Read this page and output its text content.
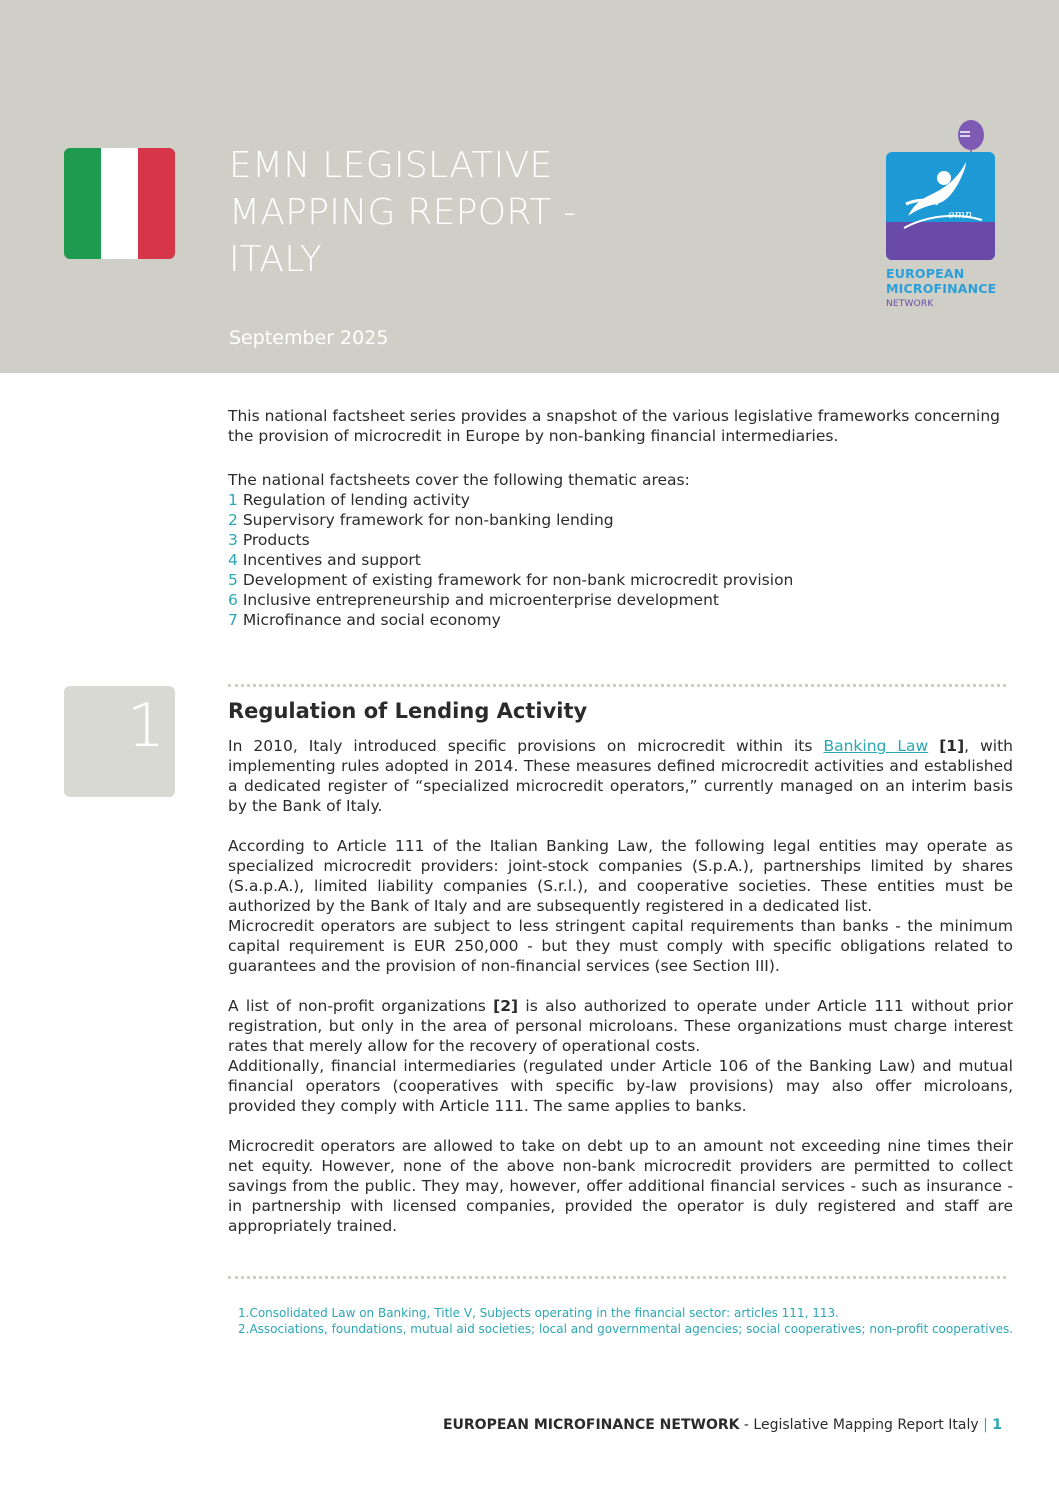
EMN LEGISLATIVE
MAPPING REPORT -
ITALY
September 2025
emn
EUROPEAN
MICROFINANCE
NETWORK

This national factsheet series provides a snapshot of the various legislative frameworks concerning the provision of microcredit in Europe by non-banking financial intermediaries.

The national factsheets cover the following thematic areas:

1 Regulation of lending activity
2 Supervisory framework for non-banking lending
3 Products
4 Incentives and support
5 Development of existing framework for non-bank microcredit provision
6 Inclusive entrepreneurship and microenterprise development
7 Microfinance and social economy
1	Regulation of Lending Activity

In 2010, Italy introduced specific provisions on microcredit within its Banking Law [1], with implementing rules adopted in 2014. These measures defined microcredit activities and established a dedicated register of “specialized microcredit operators,” currently managed on an interim basis by the Bank of Italy.

According to Article 111 of the Italian Banking Law, the following legal entities may operate as specialized microcredit providers: joint-stock companies (S.p.A.), partnerships limited by shares (S.a.p.A.), limited liability companies (S.r.l.), and cooperative societies. These entities must be authorized by the Bank of Italy and are subsequently registered in a dedicated list.

Microcredit operators are subject to less stringent capital requirements than banks - the minimum capital requirement is EUR 250,000 - but they must comply with specific obligations related to guarantees and the provision of non-financial services (see Section III).

A list of non-profit organizations [2] is also authorized to operate under Article 111 without prior registration, but only in the area of personal microloans. These organizations must charge interest rates that merely allow for the recovery of operational costs.

Additionally, financial intermediaries (regulated under Article 106 of the Banking Law) and mutual financial operators (cooperatives with specific by-law provisions) may also offer microloans, provided they comply with Article 111. The same applies to banks.

Microcredit operators are allowed to take on debt up to an amount not exceeding nine times their net equity. However, none of the above non-bank microcredit providers are permitted to collect savings from the public. They may, however, offer additional financial services - such as insurance - in partnership with licensed companies, provided the operator is duly registered and staff are appropriately trained.

1.Consolidated Law on Banking, Title V, Subjects operating in the financial sector: articles 111, 113.
2.Associations, foundations, mutual aid societies; local and governmental agencies; social cooperatives; non-profit cooperatives.
EUROPEAN MICROFINANCE NETWORK - Legislative Mapping Report Italy | 1
